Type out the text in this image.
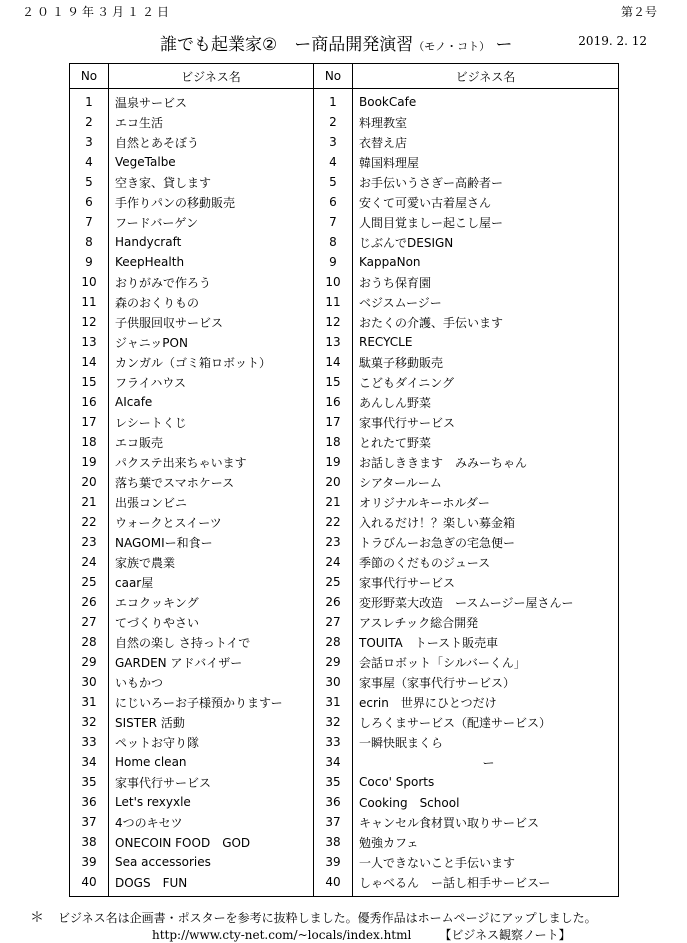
２０１９年３月１２日	第２号
誰でも起業家②　ー商品開発演習（モノ・コト） ー	2019. 2. 12
No	ビジネス名	No	ビジネス名
1	温泉サービス	1	BookCafe
2	エコ生活	2	料理教室
3	自然とあそぼう	3	衣替え店
4	VegeTalbe	4	韓国料理屋
5	空き家、貸します	5	お手伝いうさぎー高齢者ー
6	手作りパンの移動販売	6	安くて可愛い古着屋さん
7	フードバーゲン	7	人間目覚ましー起こし屋ー
8	Handycraft	8	じぶんでDESIGN
9	KeepHealth	9	KappaNon
10	おりがみで作ろう	10	おうち保育園
11	森のおくりもの	11	ベジスムージー
12	子供服回収サービス	12	おたくの介護、手伝います
13	ジャニッPON	13	RECYCLE
14	カンガル（ゴミ箱ロボット）	14	駄菓子移動販売
15	フライハウス	15	こどもダイニング
16	AIcafe	16	あんしん野菜
17	レシートくじ	17	家事代行サービス
18	エコ販売	18	とれたて野菜
19	パクステ出来ちゃいます	19	お話しききます　みみーちゃん
20	落ち葉でスマホケース	20	シアタールーム
21	出張コンビニ	21	オリジナルキーホルダー
22	ウォークとスイーツ	22	入れるだけ！？楽しい募金箱
23	NAGOMIー和食ー	23	トラびんーお急ぎの宅急便ー
24	家族で農業	24	季節のくだものジュース
25	caar屋	25	家事代行サービス
26	エコクッキング	26	変形野菜大改造　ースムージー屋さんー
27	てづくりやさい	27	アスレチック総合開発
28	自然の楽し さ持っトイで	28	TOUITA　トースト販売車
29	GARDEN アドバイザー	29	会話ロボット「シルバーくん」
30	いもかつ	30	家事屋（家事代行サービス）
31	にじいろーお子様預かりますー	31	ecrin　世界にひとつだけ
32	SISTER 活動	32	しろくまサービス（配達サービス）
33	ペットお守り隊	33	一瞬快眠まくら
34	Home clean	34	ー
35	家事代行サービス	35	Coco' Sports
36	Let's rexyxle	36	Cooking　School
37	4つのキセツ	37	キャンセル食材買い取りサービス
38	ONECOIN FOOD　GOD	38	勉強カフェ
39	Sea accessories	39	一人できないこと手伝います
40	DOGS　FUN	40	しゃべるん　ー話し相手サービスー
＊ ビジネス名は企画書・ポスターを参考に抜粋しました。優秀作品はホームページにアップしました。
http://www.cty-net.com/~locals/index.html 【ビジネス観察ノート】
